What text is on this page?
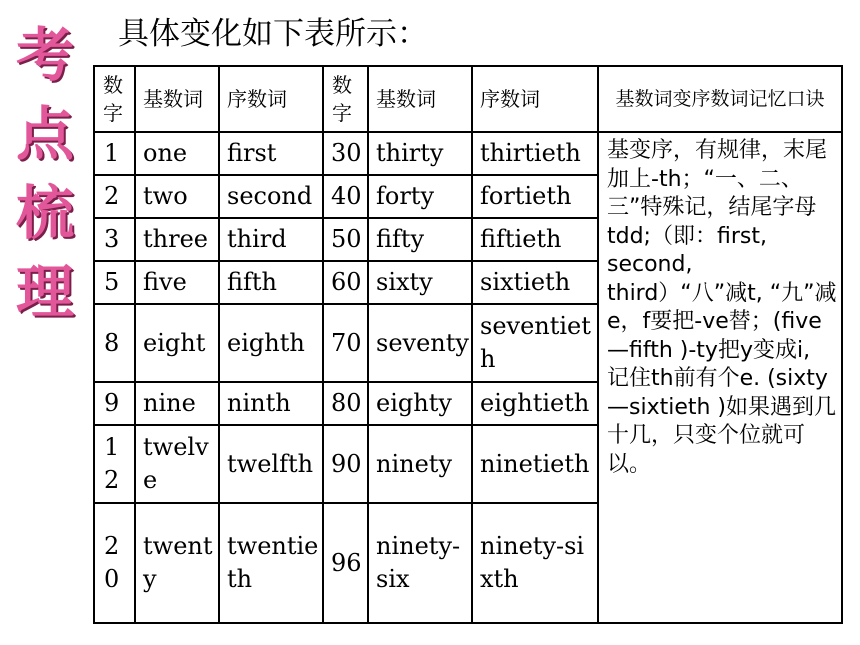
考
点
梳
理
具体变化如下表所示：
数字	基数词	序数词	数字	基数词	序数词	基数词变序数词记忆口诀
1	one	first	30	thirty	thirtieth	基变序，有规律，末尾加上-th；“一、二、三”特殊记，结尾字母tdd;（即：first, second, third）“八”减t, “九”减e，f要把-ve替；(five—fifth )-ty把y变成i, 记住th前有个e. (sixty—sixtieth )如果遇到几十几，只变个位就可以。
2	two	second	40	forty	fortieth	
3	three	third	50	fifty	fiftieth	
5	five	fifth	60	sixty	sixtieth	
8	eight	eighth	70	seventy	seventieth	
9	nine	ninth	80	eighty	eightieth	
12	twelve	twelfth	90	ninety	ninetieth	
20	twenty	twentieth	96	ninety-six	ninety-sixth	
